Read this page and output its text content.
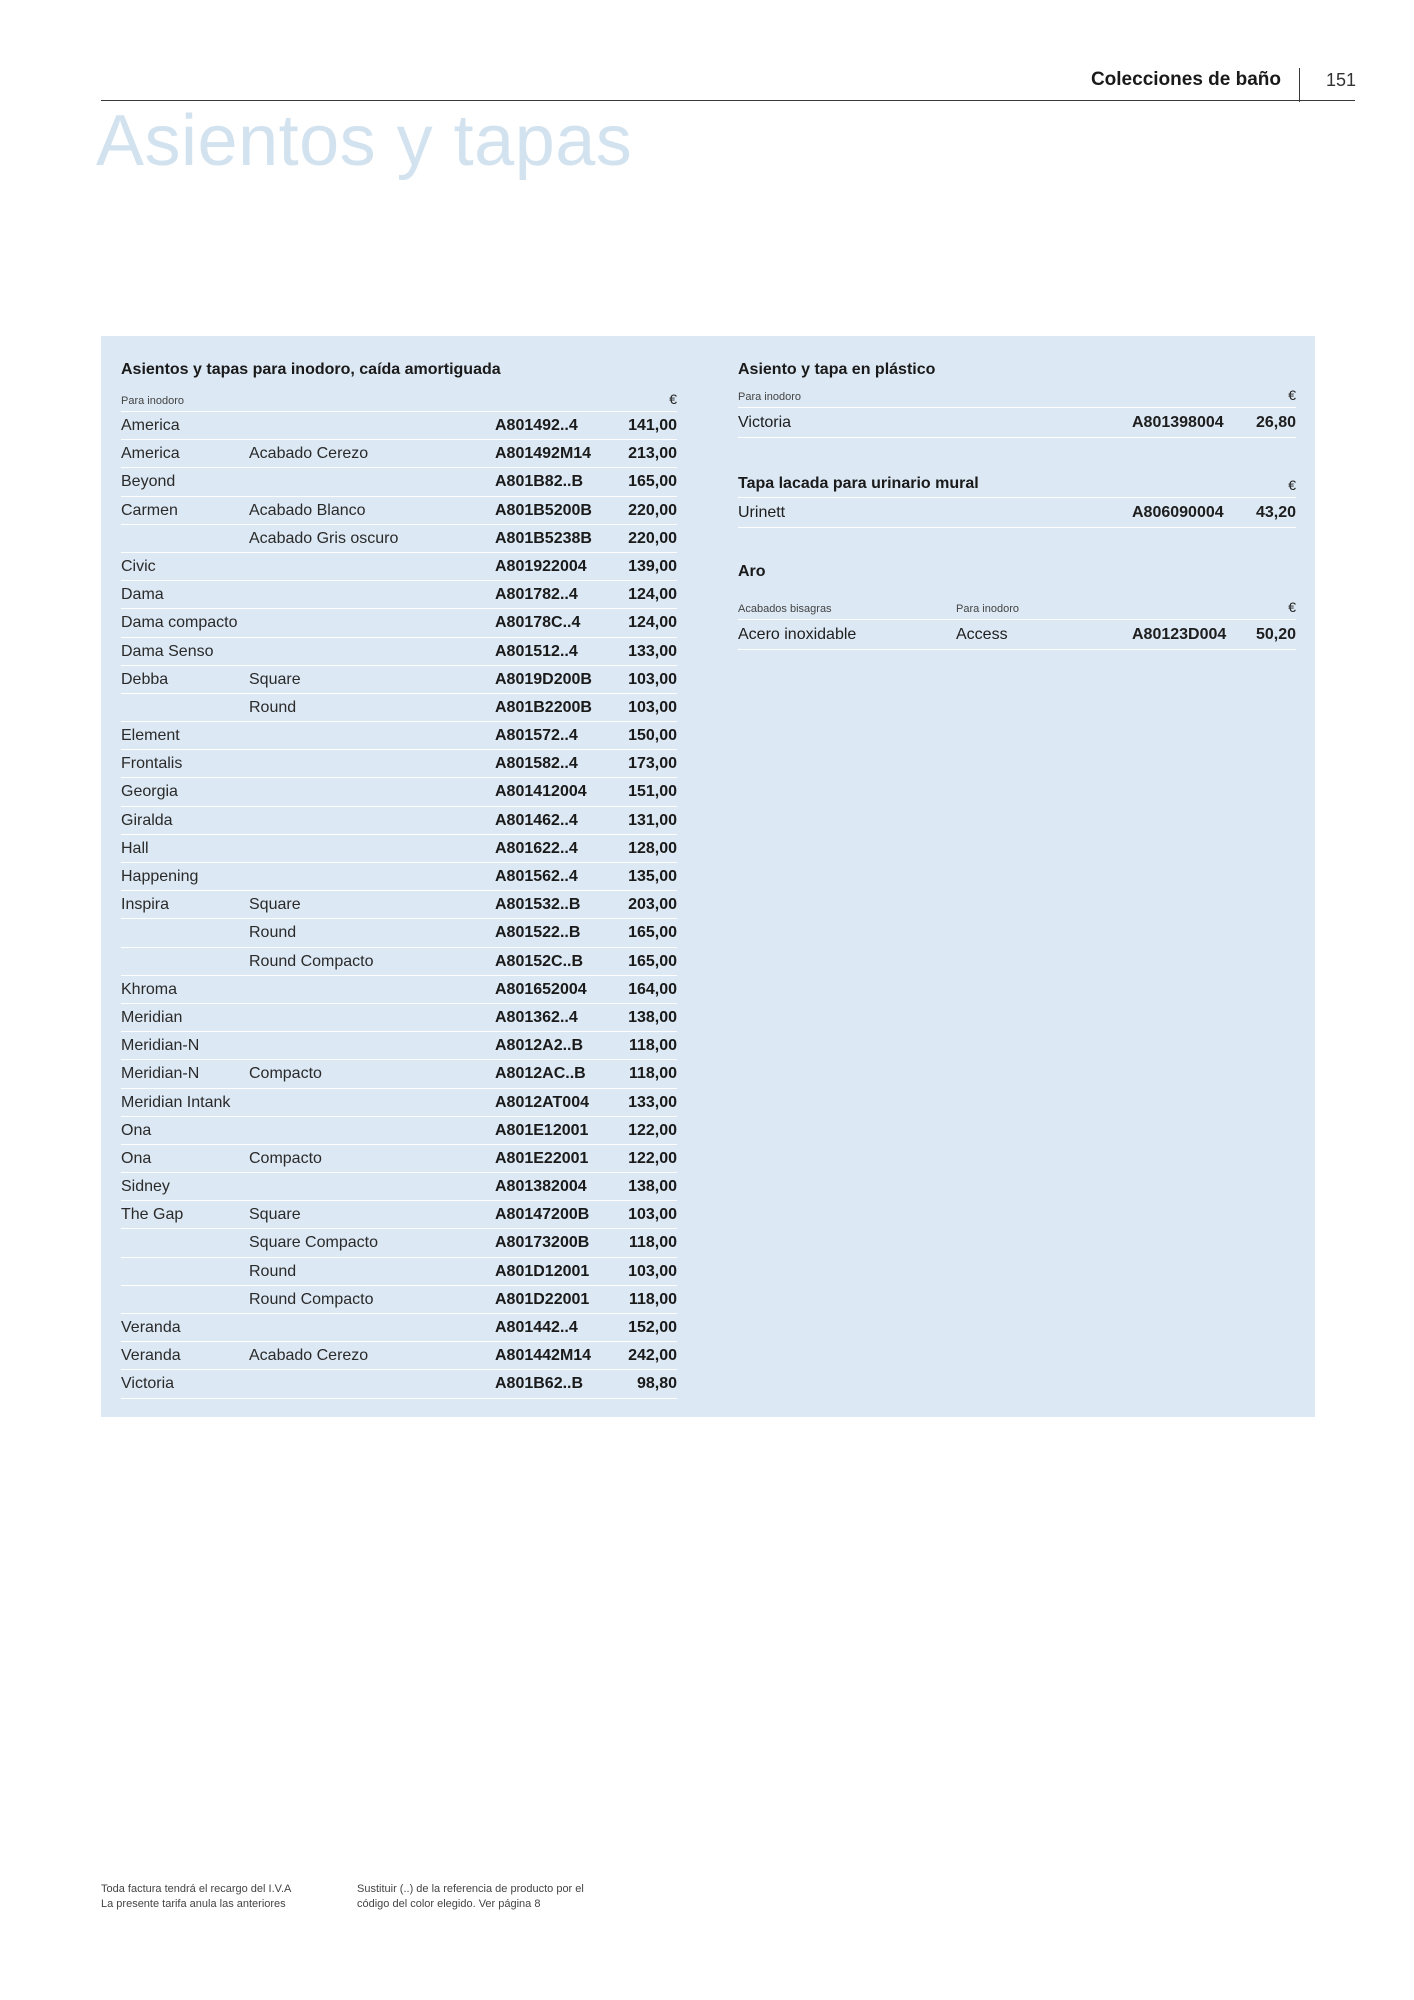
Colecciones de baño	151
Asientos y tapas
Asientos y tapas para inodoro, caída amortiguada
Para inodoro	€
America	A801492..4	141,00
America	Acabado Cerezo	A801492M14	213,00
Beyond	A801B82..B	165,00
Carmen	Acabado Blanco	A801B5200B	220,00
Acabado Gris oscuro	A801B5238B	220,00
Civic	A801922004	139,00
Dama	A801782..4	124,00
Dama compacto	A80178C..4	124,00
Dama Senso	A801512..4	133,00
Debba	Square	A8019D200B	103,00
Round	A801B2200B	103,00
Element	A801572..4	150,00
Frontalis	A801582..4	173,00
Georgia	A801412004	151,00
Giralda	A801462..4	131,00
Hall	A801622..4	128,00
Happening	A801562..4	135,00
Inspira	Square	A801532..B	203,00
Round	A801522..B	165,00
Round Compacto	A80152C..B	165,00
Khroma	A801652004	164,00
Meridian	A801362..4	138,00
Meridian-N	A8012A2..B	118,00
Meridian-N	Compacto	A8012AC..B	118,00
Meridian Intank	A8012AT004	133,00
Ona	A801E12001	122,00
Ona	Compacto	A801E22001	122,00
Sidney	A801382004	138,00
The Gap	Square	A80147200B	103,00
Square Compacto	A80173200B	118,00
Round	A801D12001	103,00
Round Compacto	A801D22001	118,00
Veranda	A801442..4	152,00
Veranda	Acabado Cerezo	A801442M14	242,00
Victoria	A801B62..B	98,80
Asiento y tapa en plástico
Para inodoro	€
Victoria	A801398004	26,80
Tapa lacada para urinario mural	€
Urinett	A806090004	43,20
Aro
Acabados bisagras	Para inodoro	€
Acero inoxidable	Access	A80123D004	50,20

Toda factura tendrá el recargo del I.V.A

La presente tarifa anula las anteriores

Sustituir (..) de la referencia de producto por el

código del color elegido. Ver página 8
